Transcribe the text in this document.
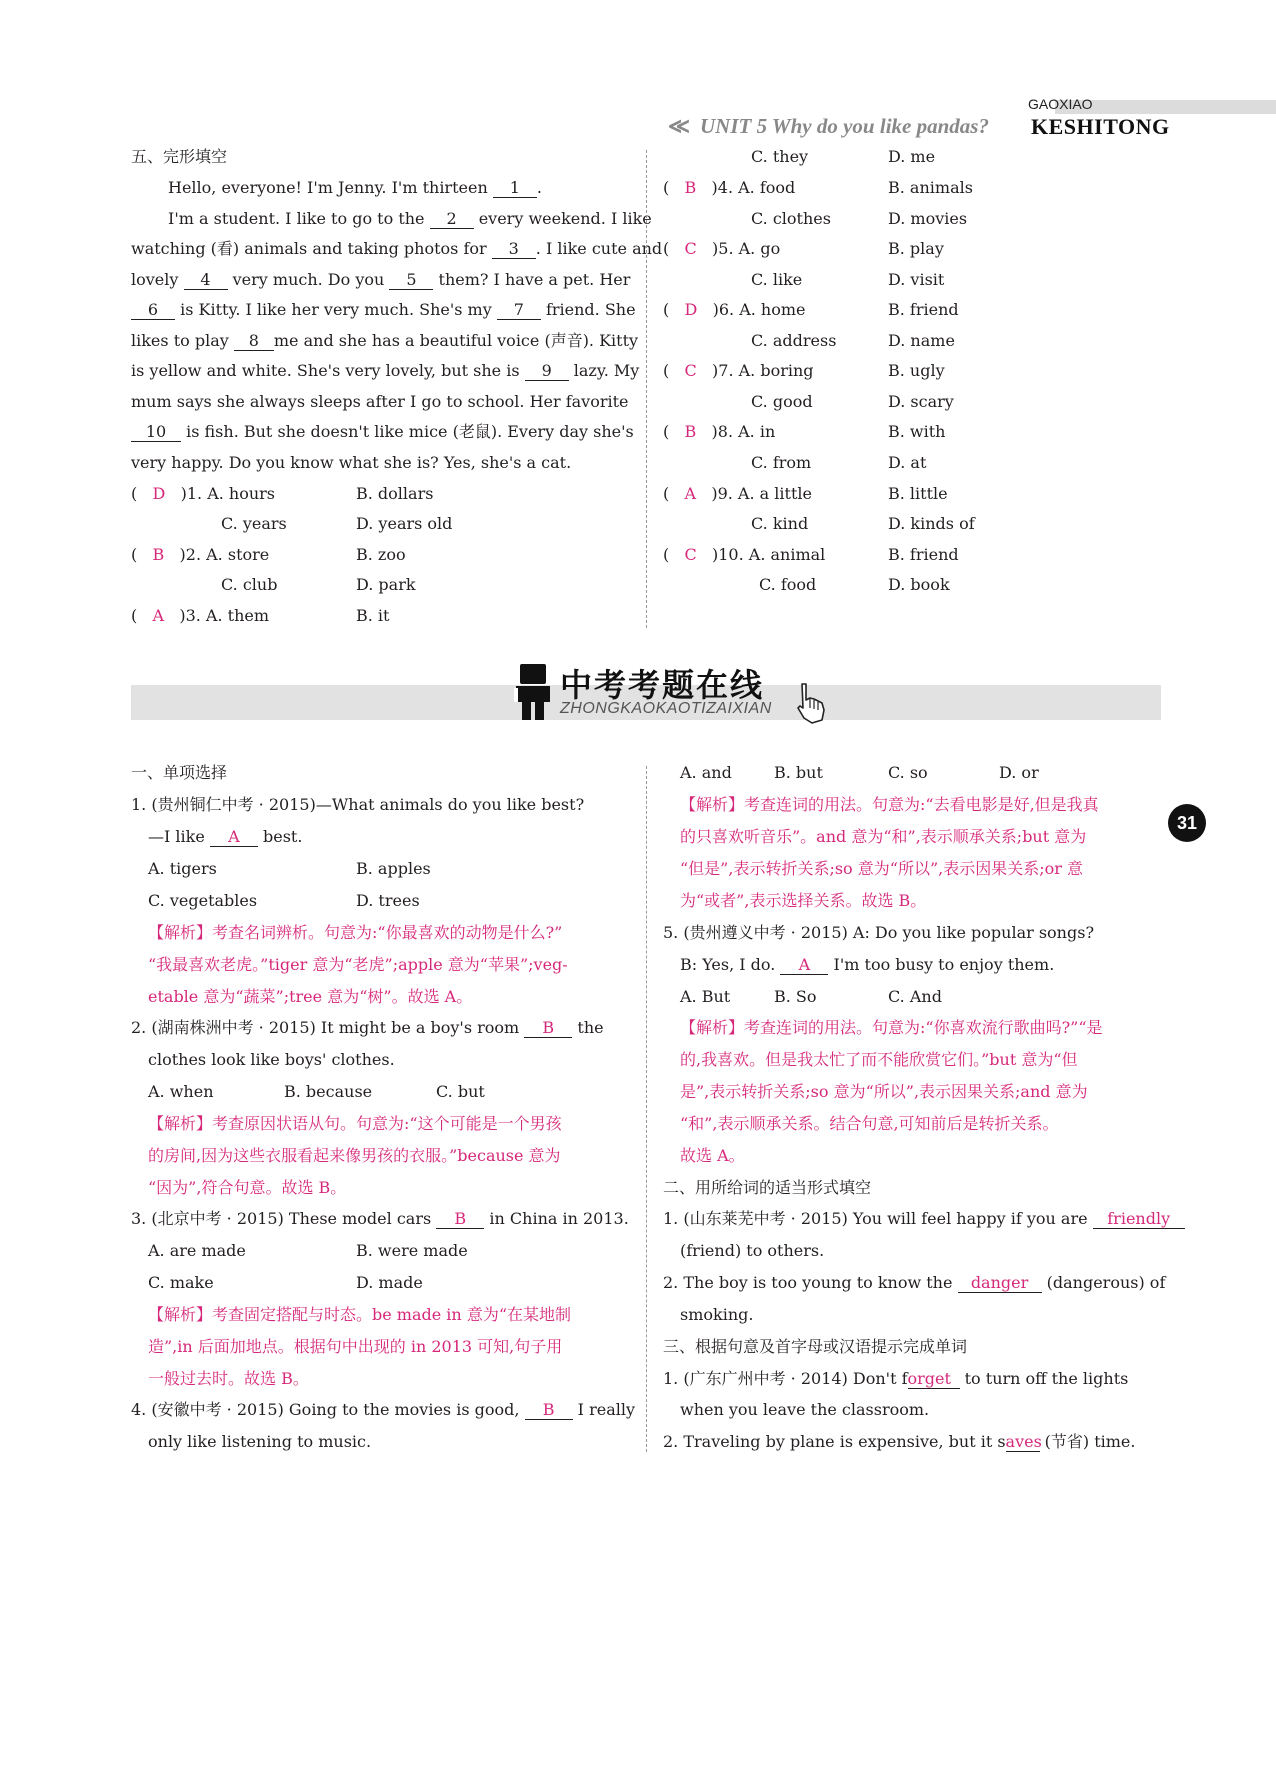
GAOXIAO
≪ UNIT 5 Why do you like pandas? KESHITONG
五、完形填空
Hello, everyone! I'm Jenny. I'm thirteen 1 .
I'm a student. I like to go to the 2 every weekend. I like
watching (看) animals and taking photos for 3 . I like cute and
lovely 4 very much. Do you 5 them? I have a pet. Her
6 is Kitty. I like her very much. She's my 7 friend. She
likes to play 8 me and she has a beautiful voice (声音). Kitty
is yellow and white. She's very lovely, but she is 9 lazy. My
mum says she always sleeps after I go to school. Her favorite
10 is fish. But she doesn't like mice (老鼠). Every day she's
very happy. Do you know what she is? Yes, she's a cat.
(   D   )1. A. hours	B. dollars
C. years	D. years old
(   B   )2. A. store	B. zoo
C. club	D. park
(   A   )3. A. them	B. it
C. they	D. me
(   B   )4. A. food	B. animals
C. clothes	D. movies
(   C   )5. A. go	B. play
C. like	D. visit
(   D   )6. A. home	B. friend
C. address	D. name
(   C   )7. A. boring	B. ugly
C. good	D. scary
(   B   )8. A. in	B. with
C. from	D. at
(   A   )9. A. a little	B. little
C. kind	D. kinds of
(   C   )10. A. animal	B. friend
C. food	D. book
中考考题在线
ZHONGKAOKAOTIZAIXIAN
31
一、单项选择
1. (贵州铜仁中考 · 2015)—What animals do you like best?
—I like A best.
A. tigers	B. apples
C. vegetables	D. trees
【解析】考查名词辨析。句意为:“你最喜欢的动物是什么?”
“我最喜欢老虎。”tiger 意为“老虎”;apple 意为“苹果”;veg-
etable 意为“蔬菜”;tree 意为“树”。故选 A。
2. (湖南株洲中考 · 2015) It might be a boy's room B the
clothes look like boys' clothes.
A. when	B. because	C. but
【解析】考查原因状语从句。句意为:“这个可能是一个男孩
的房间,因为这些衣服看起来像男孩的衣服。”because 意为
“因为”,符合句意。故选 B。
3. (北京中考 · 2015) These model cars B in China in 2013.
A. are made	B. were made
C. make	D. made
【解析】考查固定搭配与时态。be made in 意为“在某地制
造”,in 后面加地点。根据句中出现的 in 2013 可知,句子用
一般过去时。故选 B。
4. (安徽中考 · 2015) Going to the movies is good, B I really
only like listening to music.
A. and	B. but	C. so	D. or
【解析】考查连词的用法。句意为:“去看电影是好,但是我真
的只喜欢听音乐”。and 意为“和”,表示顺承关系;but 意为
“但是”,表示转折关系;so 意为“所以”,表示因果关系;or 意
为“或者”,表示选择关系。故选 B。
5. (贵州遵义中考 · 2015) A: Do you like popular songs?
B: Yes, I do. A I'm too busy to enjoy them.
A. But	B. So	C. And
【解析】考查连词的用法。句意为:“你喜欢流行歌曲吗?”“是
的,我喜欢。但是我太忙了而不能欣赏它们。”but 意为“但
是”,表示转折关系;so 意为“所以”,表示因果关系;and 意为
“和”,表示顺承关系。结合句意,可知前后是转折关系。
故选 A。
二、用所给词的适当形式填空
1. (山东莱芜中考 · 2015) You will feel happy if you are friendly
(friend) to others.
2. The boy is too young to know the danger (dangerous) of
smoking.
三、根据句意及首字母或汉语提示完成单词
1. (广东广州中考 · 2014) Don't forget to turn off the lights
when you leave the classroom.
2. Traveling by plane is expensive, but it saves (节省) time.
